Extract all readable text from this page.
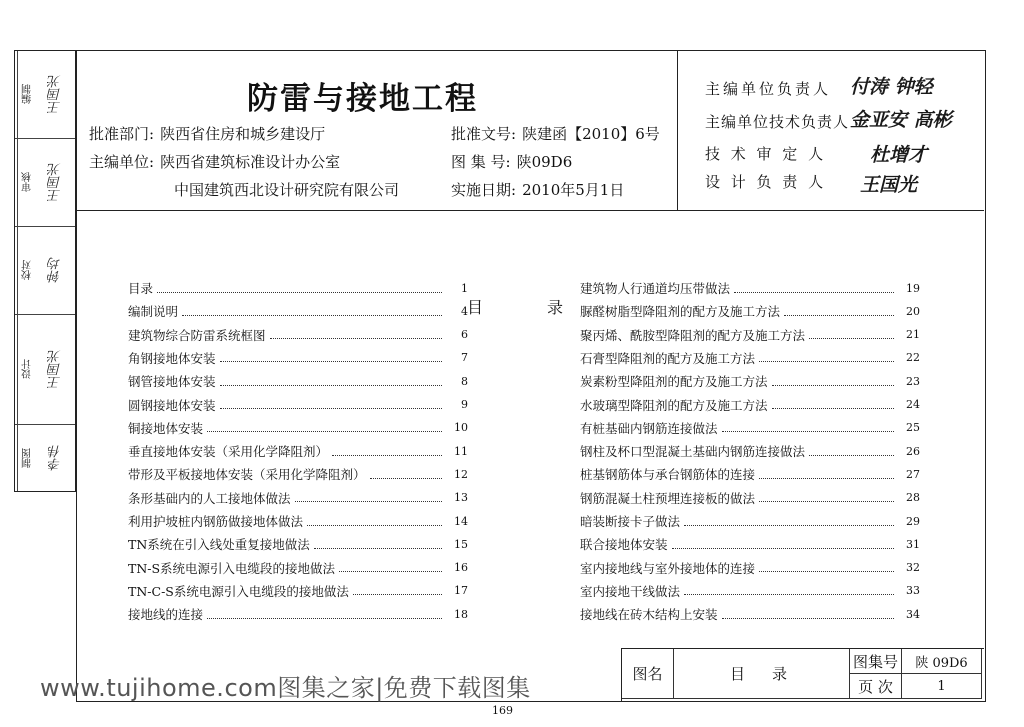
编制	王国光
审核	王国光
校对	钟均
设计	王国光
制图	李伟
防雷与接地工程
批准部门: 陕西省住房和城乡建设厅
主编单位: 陕西省建筑标准设计办公室
中国建筑西北设计研究院有限公司
批准文号: 陕建函【2010】6号
图 集 号: 陕09D6
实施日期: 2010年5月1日
目　　　　录
主编单位负责人 付涛 钟轻
主编单位技术负责人 金亚安 高彬
技 术 审 定 人 杜增才
设 计 负 责 人 王国光
目录	1
编制说明	4
建筑物综合防雷系统框图	6
角钢接地体安装	7
钢管接地体安装	8
圆钢接地体安装	9
铜接地体安装	10
垂直接地体安装（采用化学降阻剂）	11
带形及平板接地体安装（采用化学降阻剂）	12
条形基础内的人工接地体做法	13
利用护坡桩内钢筋做接地体做法	14
TN系统在引入线处重复接地做法	15
TN-S系统电源引入电缆段的接地做法	16
TN-C-S系统电源引入电缆段的接地做法	17
接地线的连接	18
建筑物人行通道均压带做法	19
脲醛树脂型降阻剂的配方及施工方法	20
聚丙烯、酰胺型降阻剂的配方及施工方法	21
石膏型降阻剂的配方及施工方法	22
炭素粉型降阻剂的配方及施工方法	23
水玻璃型降阻剂的配方及施工方法	24
有桩基础内钢筋连接做法	25
钢柱及杯口型混凝土基础内钢筋连接做法	26
桩基钢筋体与承台钢筋体的连接	27
钢筋混凝土柱预埋连接板的做法	28
暗装断接卡子做法	29
联合接地体安装	31
室内接地线与室外接地体的连接	32
室内接地干线做法	33
接地线在砖木结构上安装	34
图名	目　录
图集号	陕 09D6
页 次	1
www.tujihome.com图集之家|免费下载图集
169
